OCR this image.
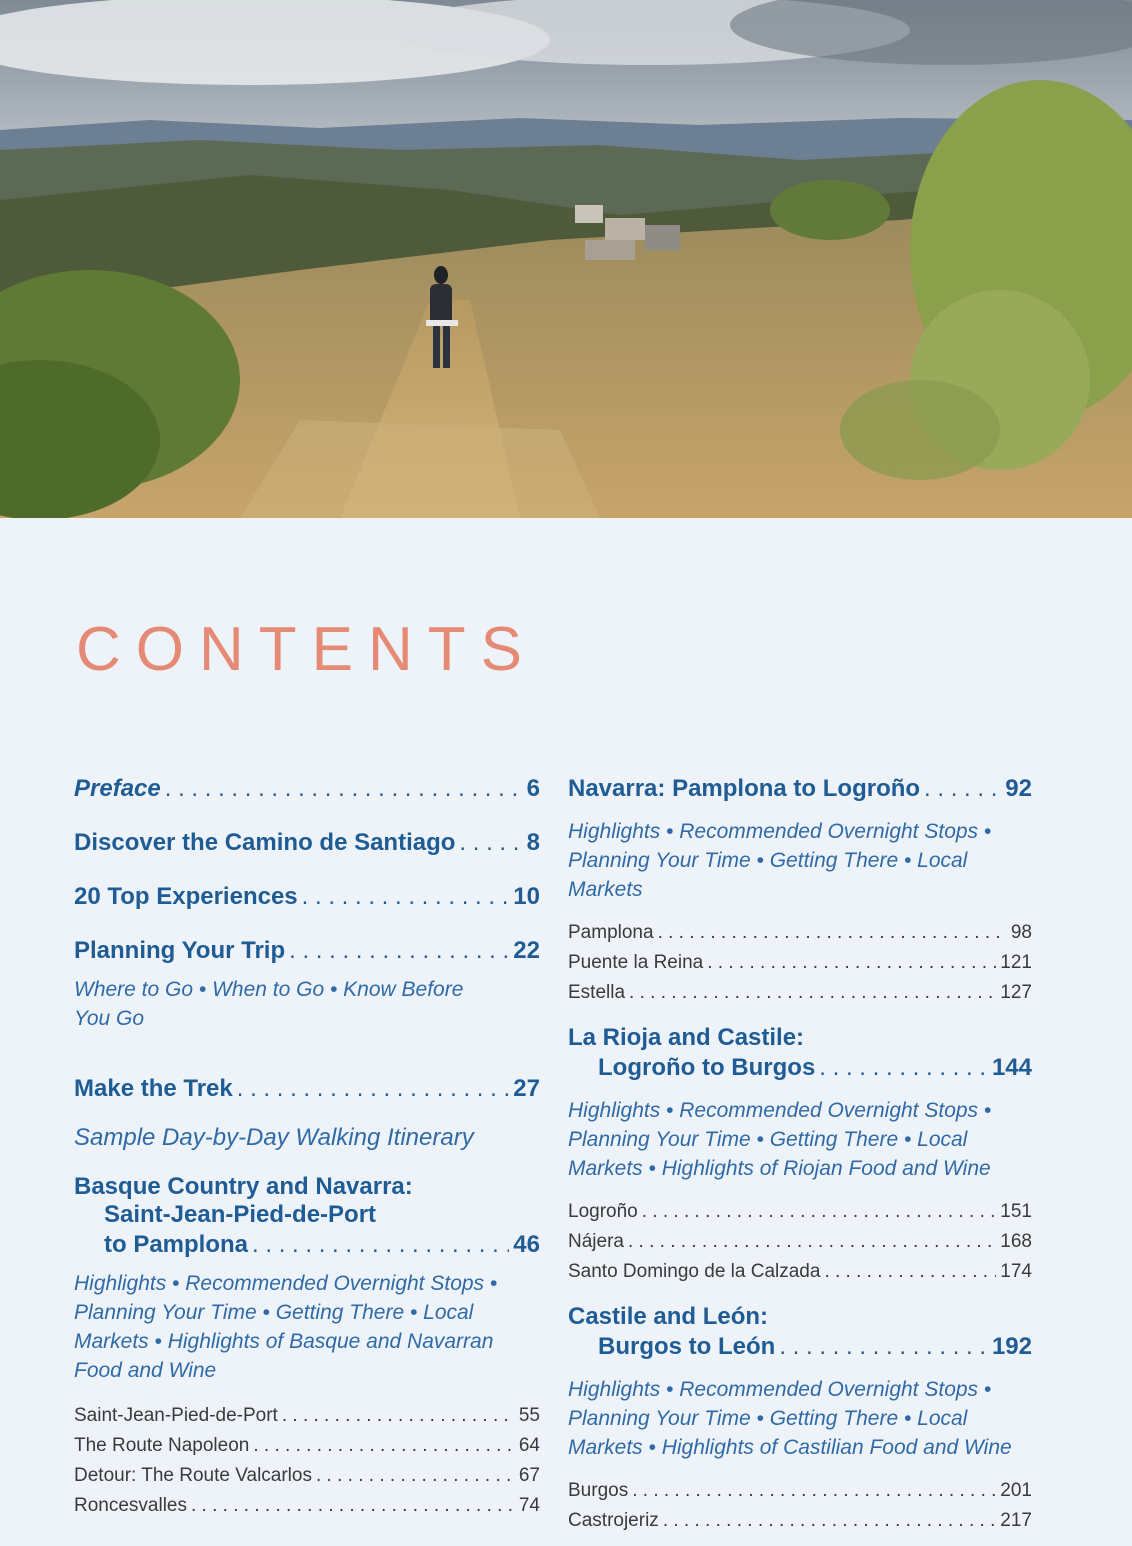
CONTENTS
Preface . . .	6
Discover the Camino de Santiago . . .	8
20 Top Experiences . . .	10
Planning Your Trip . . .	22
Where to Go • When to Go • Know Before You Go
Make the Trek . . .	27
Sample Day-by-Day Walking Itinerary
Basque Country and Navarra:
Saint-Jean-Pied-de-Port
to Pamplona . . .	46
Highlights • Recommended Overnight Stops • Planning Your Time • Getting There • Local Markets • Highlights of Basque and Navarran Food and Wine
Saint-Jean-Pied-de-Port . . .	55
The Route Napoleon . . .	64
Detour: The Route Valcarlos . . .	67
Roncesvalles . . .	74
Navarra: Pamplona to Logroño . . .	92
Highlights • Recommended Overnight Stops • Planning Your Time • Getting There • Local Markets
Pamplona . . .	98
Puente la Reina . . .	121
Estella . . .	127
La Rioja and Castile:
Logroño to Burgos . . .	144
Highlights • Recommended Overnight Stops • Planning Your Time • Getting There • Local Markets • Highlights of Riojan Food and Wine
Logroño . . .	151
Nájera . . .	168
Santo Domingo de la Calzada . . .	174
Castile and León:
Burgos to León . . .	192
Highlights • Recommended Overnight Stops • Planning Your Time • Getting There • Local Markets • Highlights of Castilian Food and Wine
Burgos . . .	201
Castrojeriz . . .	217
